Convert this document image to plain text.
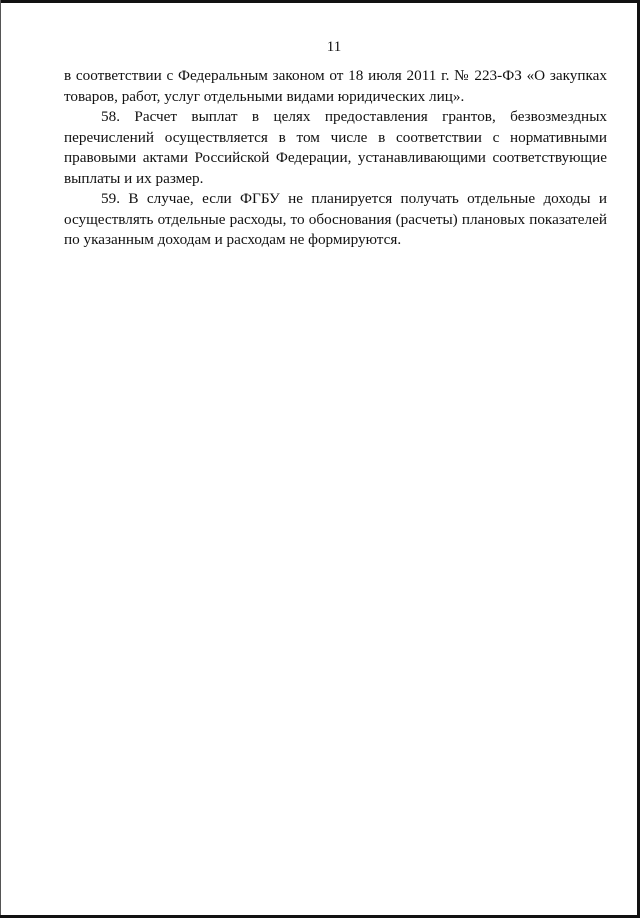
11

в соответствии с Федеральным законом от 18 июля 2011 г. № 223-ФЗ «О закупках товаров, работ, услуг отдельными видами юридических лиц».

58. Расчет выплат в целях предоставления грантов, безвозмездных перечислений осуществляется в том числе в соответствии с нормативными правовыми актами Российской Федерации, устанавливающими соответствующие выплаты и их размер.

59. В случае, если ФГБУ не планируется получать отдельные доходы и осуществлять отдельные расходы, то обоснования (расчеты) плановых показателей по указанным доходам и расходам не формируются.
